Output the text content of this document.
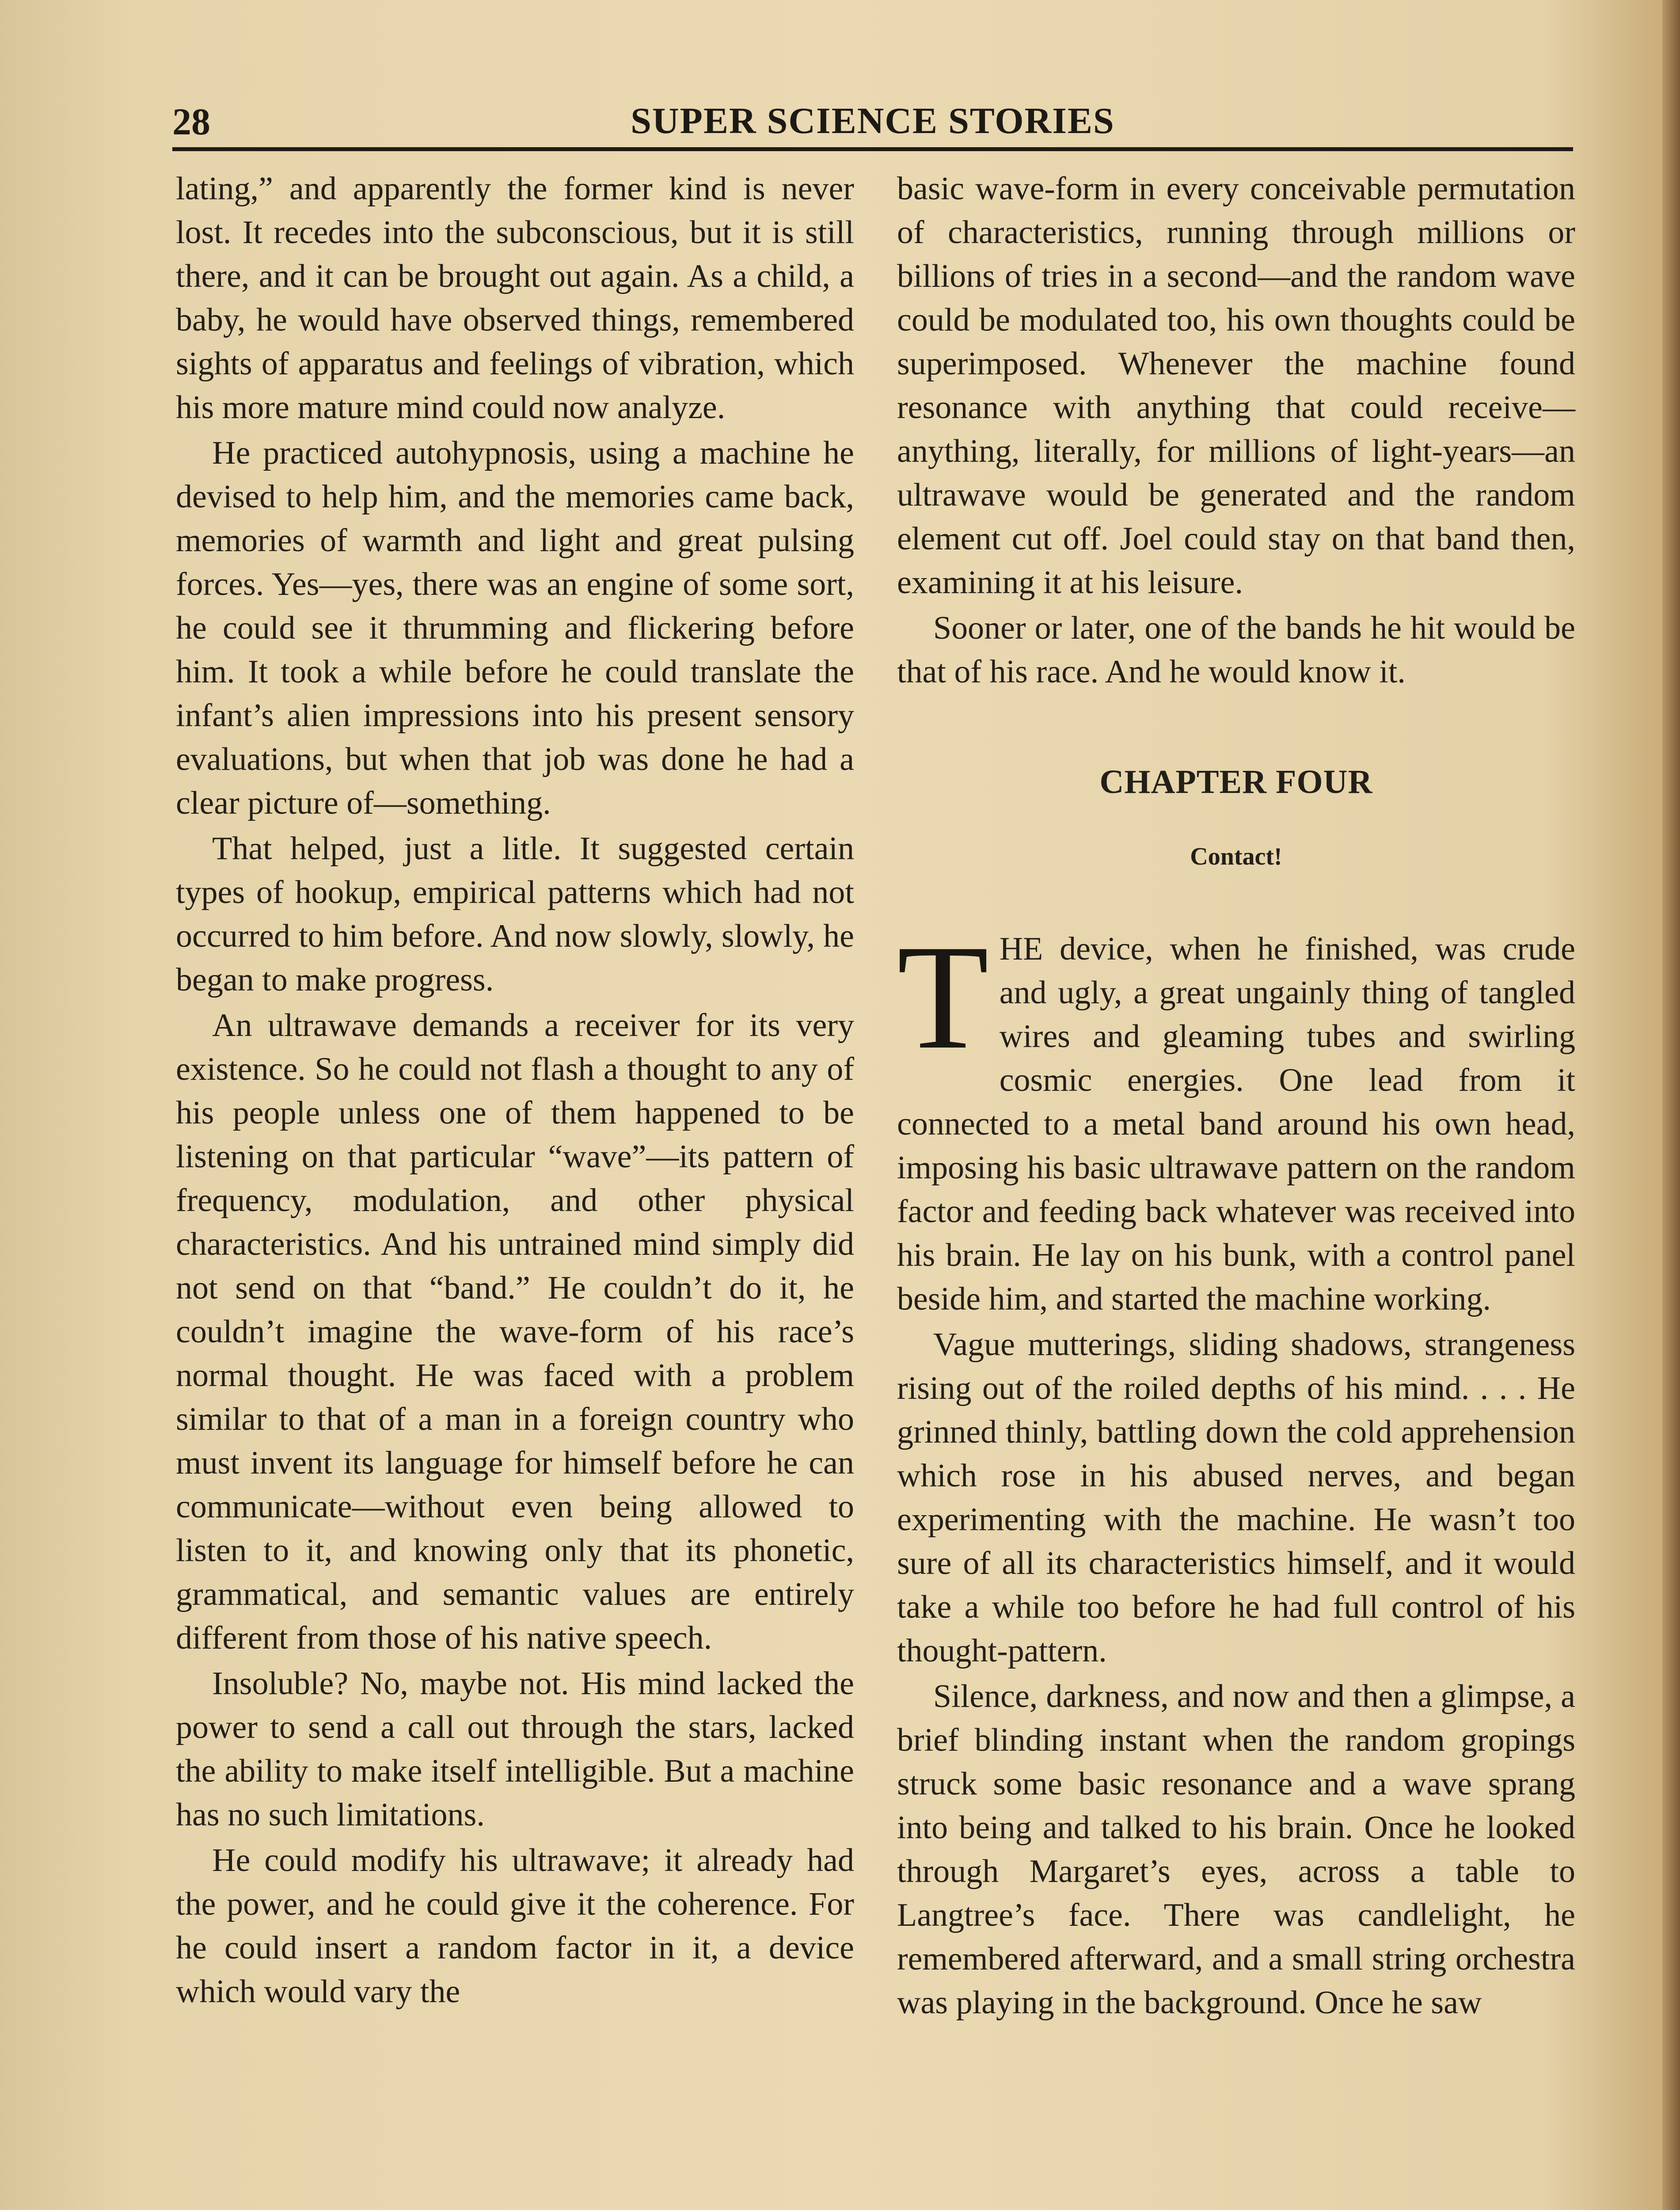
28	SUPER SCIENCE STORIES

lating,” and apparently the former kind is never lost. It recedes into the subconscious, but it is still there, and it can be brought out again. As a child, a baby, he would have observed things, remembered sights of apparatus and feelings of vibration, which his more mature mind could now analyze.

He practiced autohypnosis, using a machine he devised to help him, and the memories came back, memories of warmth and light and great pulsing forces. Yes—yes, there was an engine of some sort, he could see it thrumming and flickering before him. It took a while before he could translate the infant’s alien impressions into his present sensory evaluations, but when that job was done he had a clear picture of—something.

That helped, just a litle. It suggested certain types of hookup, empirical patterns which had not occurred to him before. And now slowly, slowly, he began to make progress.

An ultrawave demands a receiver for its very existence. So he could not flash a thought to any of his people unless one of them happened to be listening on that particular “wave”—its pattern of frequency, modulation, and other physical characteristics. And his untrained mind simply did not send on that “band.” He couldn’t do it, he couldn’t imagine the wave-form of his race’s normal thought. He was faced with a problem similar to that of a man in a foreign country who must invent its language for himself before he can communicate—without even being allowed to listen to it, and knowing only that its phonetic, grammatical, and semantic values are entirely different from those of his native speech.

Insoluble? No, maybe not. His mind lacked the power to send a call out through the stars, lacked the ability to make itself intelligible. But a machine has no such limitations.

He could modify his ultrawave; it already had the power, and he could give it the coherence. For he could insert a random factor in it, a device which would vary the

basic wave-form in every conceivable permutation of characteristics, running through millions or billions of tries in a second—and the random wave could be modulated too, his own thoughts could be superimposed. Whenever the machine found resonance with anything that could receive—anything, literally, for millions of light-years—an ultrawave would be generated and the random element cut off. Joel could stay on that band then, examining it at his leisure.

Sooner or later, one of the bands he hit would be that of his race. And he would know it.

CHAPTER FOUR
Contact!

THE device, when he finished, was crude and ugly, a great ungainly thing of tangled wires and gleaming tubes and swirling cosmic energies. One lead from it connected to a metal band around his own head, imposing his basic ultrawave pattern on the random factor and feeding back whatever was received into his brain. He lay on his bunk, with a control panel beside him, and started the machine working.

Vague mutterings, sliding shadows, strangeness rising out of the roiled depths of his mind. . . . He grinned thinly, battling down the cold apprehension which rose in his abused nerves, and began experimenting with the machine. He wasn’t too sure of all its characteristics himself, and it would take a while too before he had full control of his thought-pattern.

Silence, darkness, and now and then a glimpse, a brief blinding instant when the random gropings struck some basic resonance and a wave sprang into being and talked to his brain. Once he looked through Margaret’s eyes, across a table to Langtree’s face. There was candlelight, he remembered afterward, and a small string orchestra was playing in the background. Once he saw
